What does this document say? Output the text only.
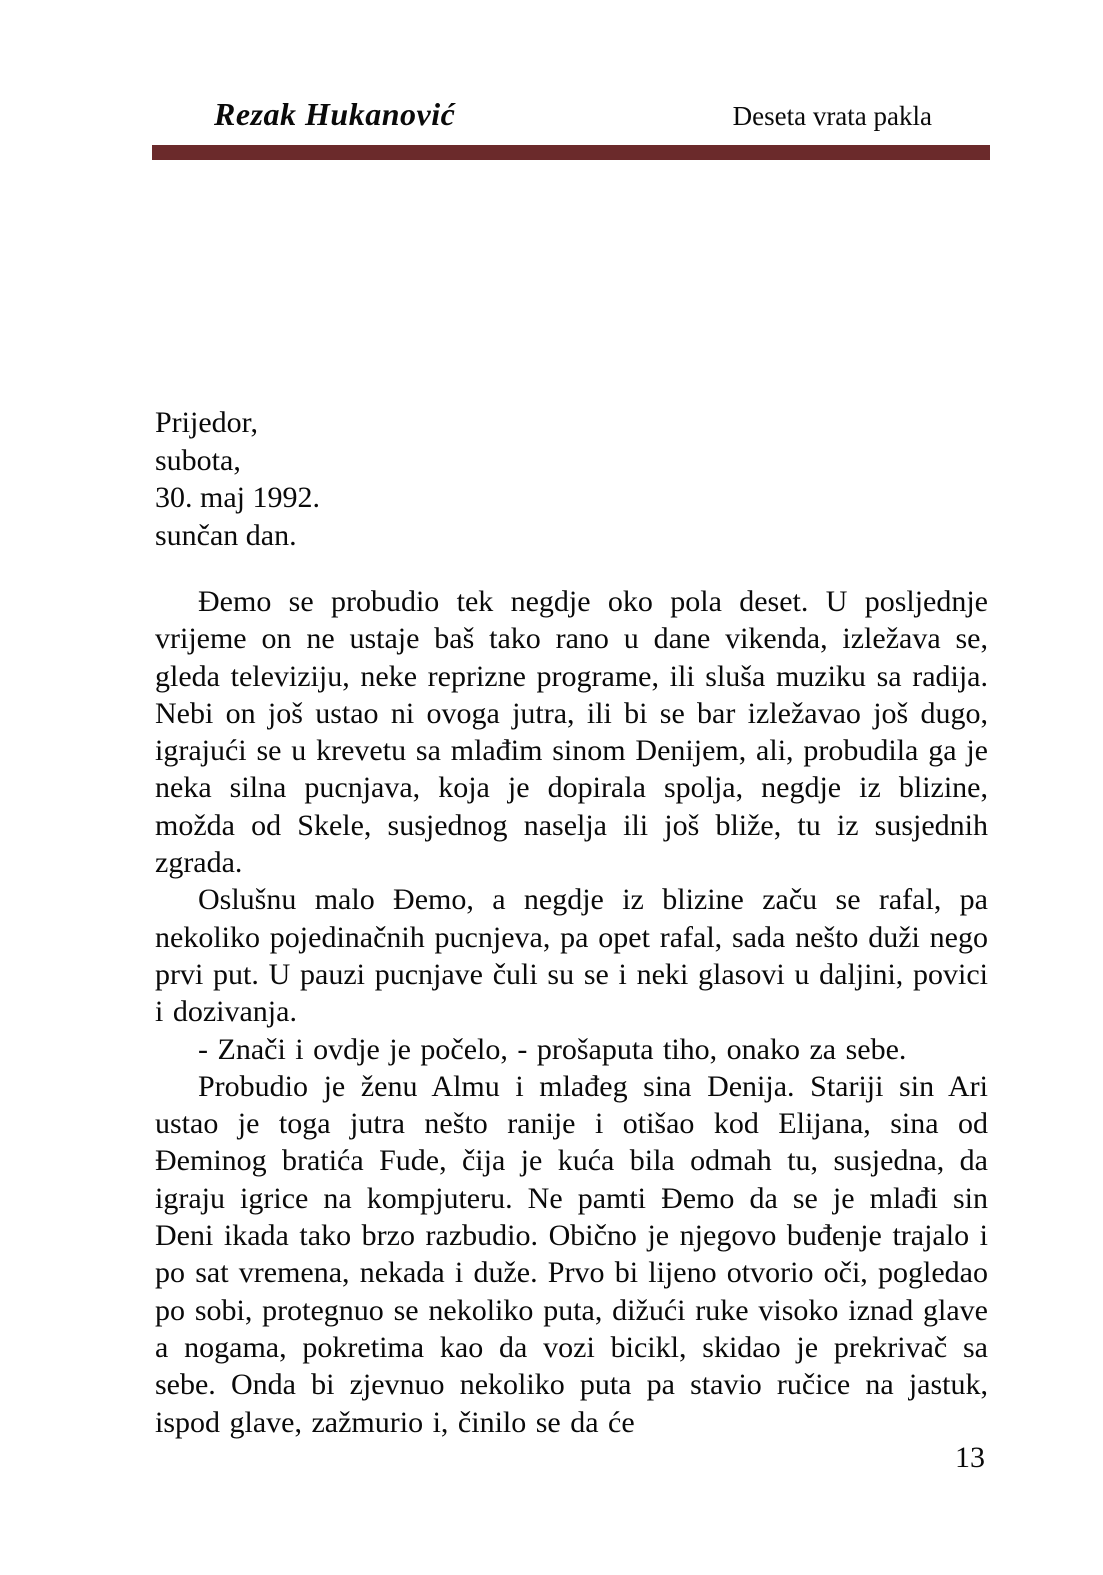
Rezak Hukanović	Deseta vrata pakla
Prijedor,
subota,
30. maj 1992.
sunčan dan.

Đemo se probudio tek negdje oko pola deset. U posljednje vrijeme on ne ustaje baš tako rano u dane vikenda, izležava se, gleda televiziju, neke reprizne programe, ili sluša muziku sa radija. Nebi on još ustao ni ovoga jutra, ili bi se bar izležavao još dugo, igrajući se u krevetu sa mlađim sinom Denijem, ali, probudila ga je neka silna pucnjava, koja je dopirala spolja, negdje iz blizine, možda od Skele, susjednog naselja ili još bliže, tu iz susjednih zgrada.

Oslušnu malo Đemo, a negdje iz blizine začu se rafal, pa nekoliko pojedinačnih pucnjeva, pa opet rafal, sada nešto duži nego prvi put. U pauzi pucnjave čuli su se i neki glasovi u daljini, povici i dozivanja.

- Znači i ovdje je počelo, - prošaputa tiho, onako za sebe.

Probudio je ženu Almu i mlađeg sina Denija. Stariji sin Ari ustao je toga jutra nešto ranije i otišao kod Elijana, sina od Đeminog bratića Fude, čija je kuća bila odmah tu, susjedna, da igraju igrice na kompjuteru. Ne pamti Đemo da se je mlađi sin Deni ikada tako brzo razbudio. Obično je njegovo buđenje trajalo i po sat vremena, nekada i duže. Prvo bi lijeno otvorio oči, pogledao po sobi, protegnuo se nekoliko puta, dižući ruke visoko iznad glave a nogama, pokretima kao da vozi bicikl, skidao je prekrivač sa sebe. Onda bi zjevnuo nekoliko puta pa stavio ručice na jastuk, ispod glave, zažmurio i, činilo se da će

13
